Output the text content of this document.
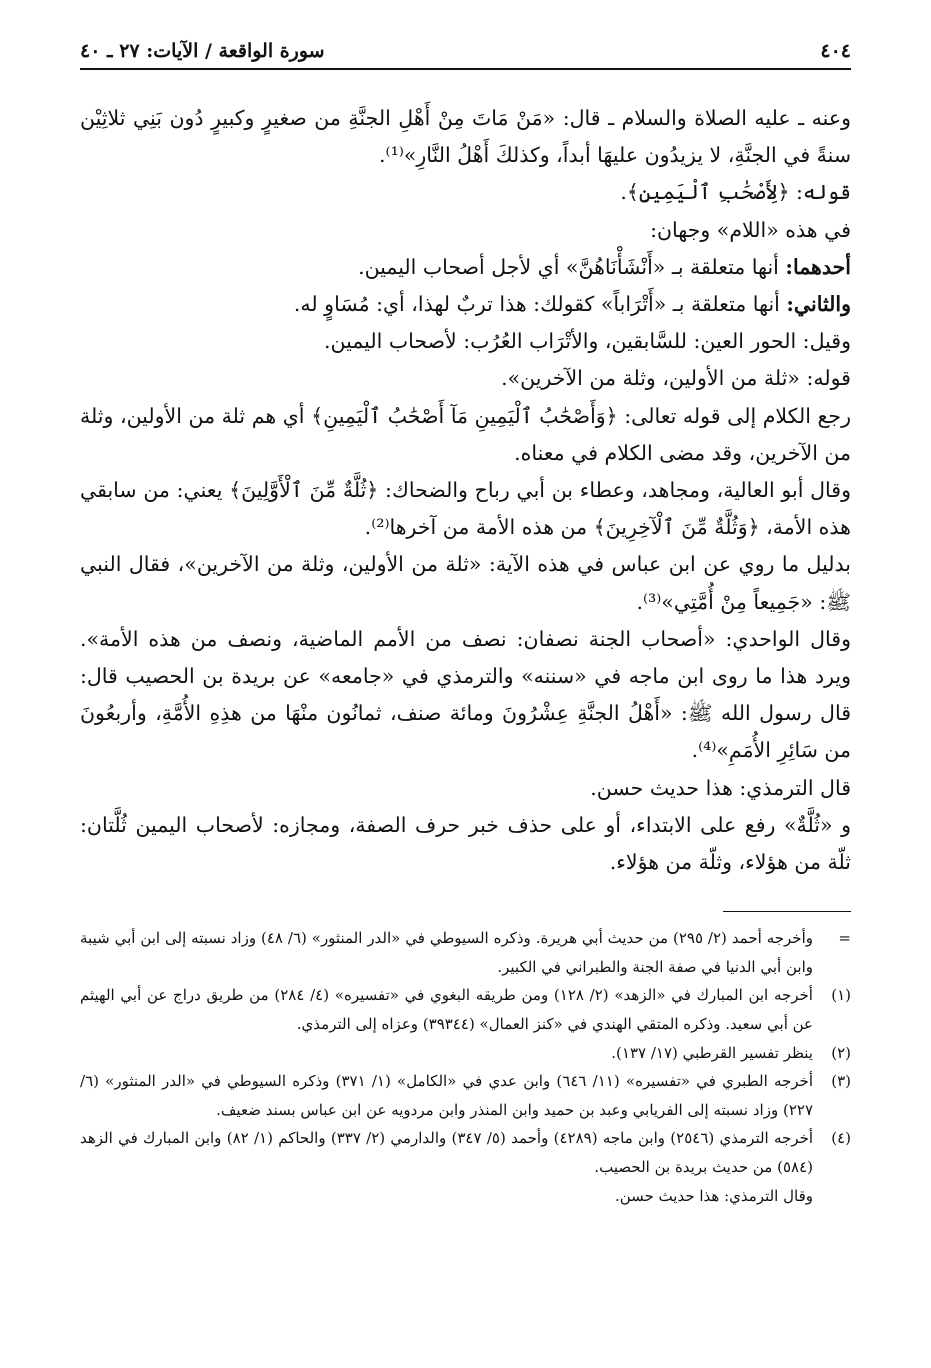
٤٠٤
سورة الواقعة / الآيات: ٢٧ ـ ٤٠

وعنه ـ عليه الصلاة والسلام ـ قال: «مَنْ مَاتَ مِنْ أَهْلِ الجنَّةِ من صغيرٍ وكبيرٍ دُون بَنِي ثلاثِيْن سنةً في الجنَّةِ، لا يزيدُون عليهَا أبداً، وكذلكَ أَهْلُ النَّارِ»⁽¹⁾.

قوله: ﴿لِأَصْحَٰبِ ٱلْيَمِينِ﴾.

في هذه «اللام» وجهان:

أحدهما: أنها متعلقة بـ «أَنْشَأْنَاهُنَّ» أي لأجل أصحاب اليمين.

والثاني: أنها متعلقة بـ «أَتْرَاباً» كقولك: هذا تربٌ لهذا، أي: مُسَاوٍ له.

وقيل: الحور العين: للسَّابقين، والأتْرَاب العُرُب: لأصحاب اليمين.

قوله: «ثلة من الأولين، وثلة من الآخرين».

رجع الكلام إلى قوله تعالى: ﴿وَأَصْحَٰبُ ٱلْيَمِينِ مَآ أَصْحَٰبُ ٱلْيَمِينِ﴾ أي هم ثلة من الأولين، وثلة من الآخرين، وقد مضى الكلام في معناه.

وقال أبو العالية، ومجاهد، وعطاء بن أبي رباح والضحاك: ﴿ثُلَّةٌ مِّنَ ٱلْأَوَّلِينَ﴾ يعني: من سابقي هذه الأمة، ﴿وَثُلَّةٌ مِّنَ ٱلْآخِرِينَ﴾ من هذه الأمة من آخرها⁽²⁾.

بدليل ما روي عن ابن عباس في هذه الآية: «ثلة من الأولين، وثلة من الآخرين»، فقال النبي ﷺ: «جَمِيعاً مِنْ أُمَّتِي»⁽³⁾.

وقال الواحدي: «أصحاب الجنة نصفان: نصف من الأمم الماضية، ونصف من هذه الأمة». ويرد هذا ما روى ابن ماجه في «سننه» والترمذي في «جامعه» عن بريدة بن الحصيب قال: قال رسول الله ﷺ: «أَهْلُ الجنَّةِ عِشْرُونَ ومائة صنف، ثمانُون منْهَا من هذِهِ الأُمَّةِ، وأربعُونَ من سَائِرِ الأُمَمِ»⁽⁴⁾.

قال الترمذي: هذا حديث حسن.

و «ثُلَّةٌ» رفع على الابتداء، أو على حذف خبر حرف الصفة، ومجازه: لأصحاب اليمين ثُلَّتان: ثلّة من هؤلاء، وثلّة من هؤلاء.

=
وأخرجه أحمد (٢/ ٢٩٥) من حديث أبي هريرة. وذكره السيوطي في «الدر المنثور» (٦/ ٤٨) وزاد نسبته إلى ابن أبي شيبة وابن أبي الدنيا في صفة الجنة والطبراني في الكبير.
(١)
أخرجه ابن المبارك في «الزهد» (٢/ ١٢٨) ومن طريقه البغوي في «تفسيره» (٤/ ٢٨٤) من طريق دراج عن أبي الهيثم عن أبي سعيد. وذكره المتقي الهندي في «كنز العمال» (٣٩٣٤٤) وعزاه إلى الترمذي.
(٢)
ينظر تفسير القرطبي (١٧/ ١٣٧).
(٣)
أخرجه الطبري في «تفسيره» (١١/ ٦٤٦) وابن عدي في «الكامل» (١/ ٣٧١) وذكره السيوطي في «الدر المنثور» (٦/ ٢٢٧) وزاد نسبته إلى الفريابي وعبد بن حميد وابن المنذر وابن مردويه عن ابن عباس بسند ضعيف.
(٤)
أخرجه الترمذي (٢٥٤٦) وابن ماجه (٤٢٨٩) وأحمد (٥/ ٣٤٧) والدارمي (٢/ ٣٣٧) والحاكم (١/ ٨٢) وابن المبارك في الزهد (٥٨٤) من حديث بريدة بن الحصيب.
وقال الترمذي: هذا حديث حسن.
